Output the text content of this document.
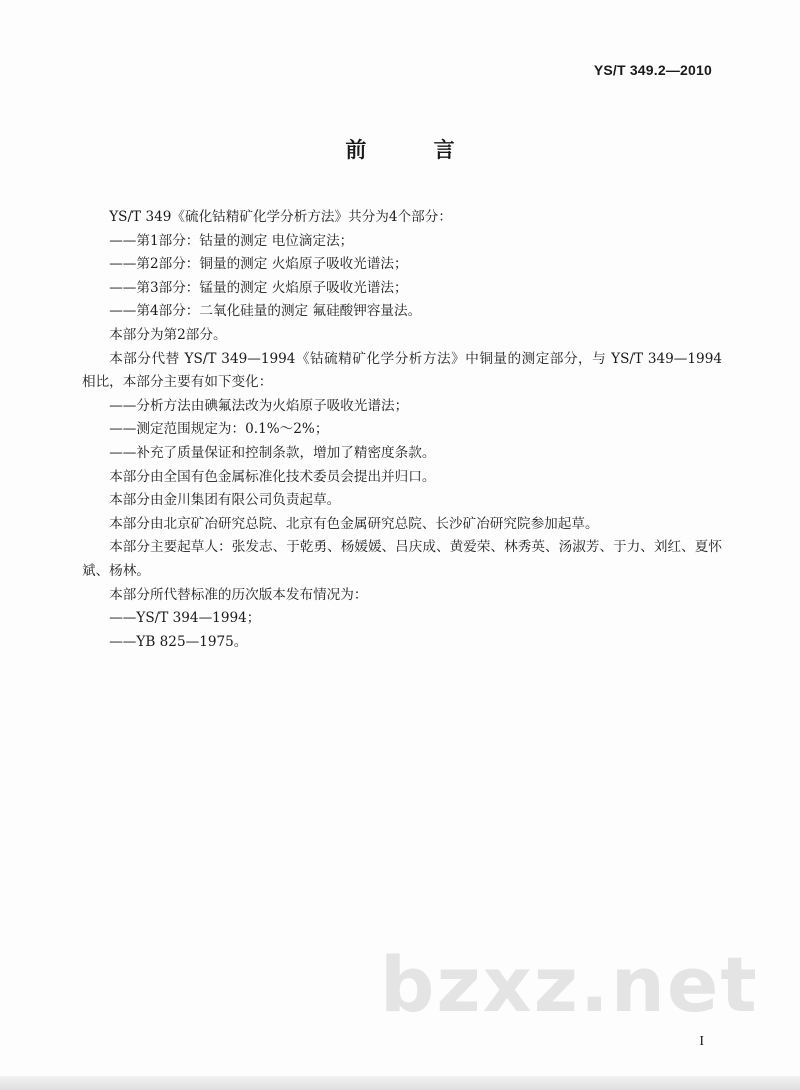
YS/T 349.2—2010
前 言

YS/T 349《硫化钴精矿化学分析方法》共分为4个部分：

——第1部分：钴量的测定 电位滴定法；

——第2部分：铜量的测定 火焰原子吸收光谱法；

——第3部分：锰量的测定 火焰原子吸收光谱法；

——第4部分：二氧化硅量的测定 氟硅酸钾容量法。

本部分为第2部分。

本部分代替 YS/T 349—1994《钴硫精矿化学分析方法》中铜量的测定部分，与 YS/T 349—1994 相比，本部分主要有如下变化：

——分析方法由碘氟法改为火焰原子吸收光谱法；

——测定范围规定为：0.1%～2%；

——补充了质量保证和控制条款，增加了精密度条款。

本部分由全国有色金属标准化技术委员会提出并归口。

本部分由金川集团有限公司负责起草。

本部分由北京矿冶研究总院、北京有色金属研究总院、长沙矿冶研究院参加起草。

本部分主要起草人：张发志、于乾勇、杨媛媛、吕庆成、黄爱荣、林秀英、汤淑芳、于力、刘红、夏怀斌、杨林。

本部分所代替标准的历次版本发布情况为：

——YS/T 394—1994；

——YB 825—1975。

bzxz.net
I
